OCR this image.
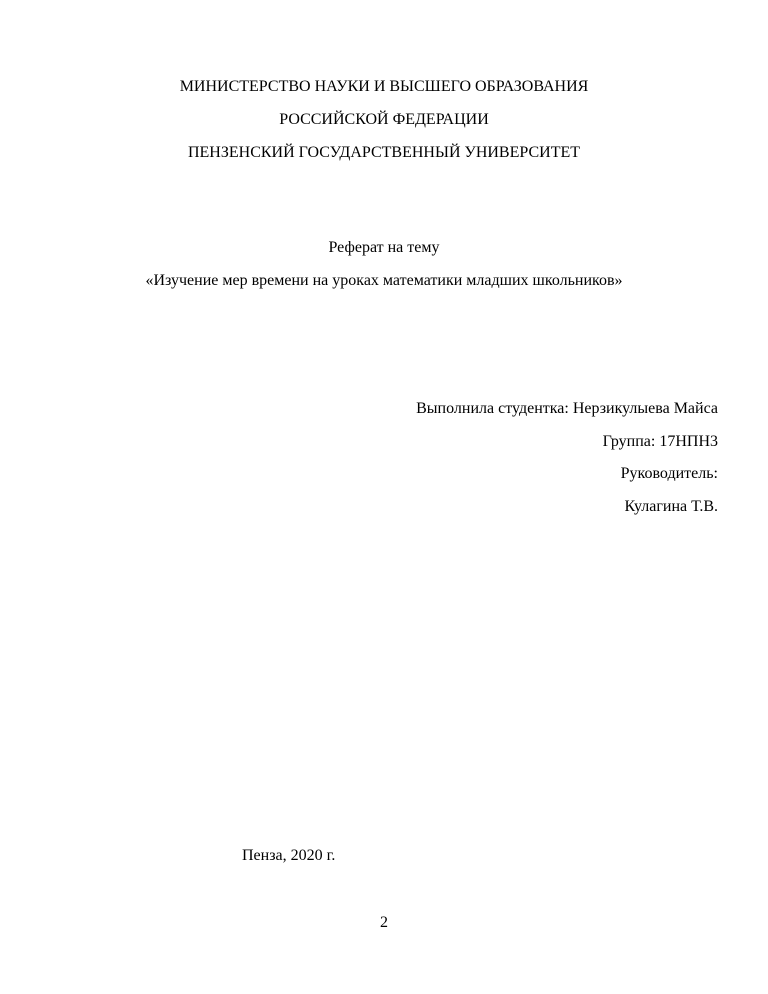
МИНИСТЕРСТВО НАУКИ И ВЫСШЕГО ОБРАЗОВАНИЯ
РОССИЙСКОЙ ФЕДЕРАЦИИ
ПЕНЗЕНСКИЙ ГОСУДАРСТВЕННЫЙ УНИВЕРСИТЕТ
Реферат на тему
«Изучение мер времени на уроках математики младших школьников»
Выполнила студентка: Нерзикулыева Майса
Группа: 17НПН3
Руководитель:
Кулагина Т.В.
Пенза, 2020 г.
2
